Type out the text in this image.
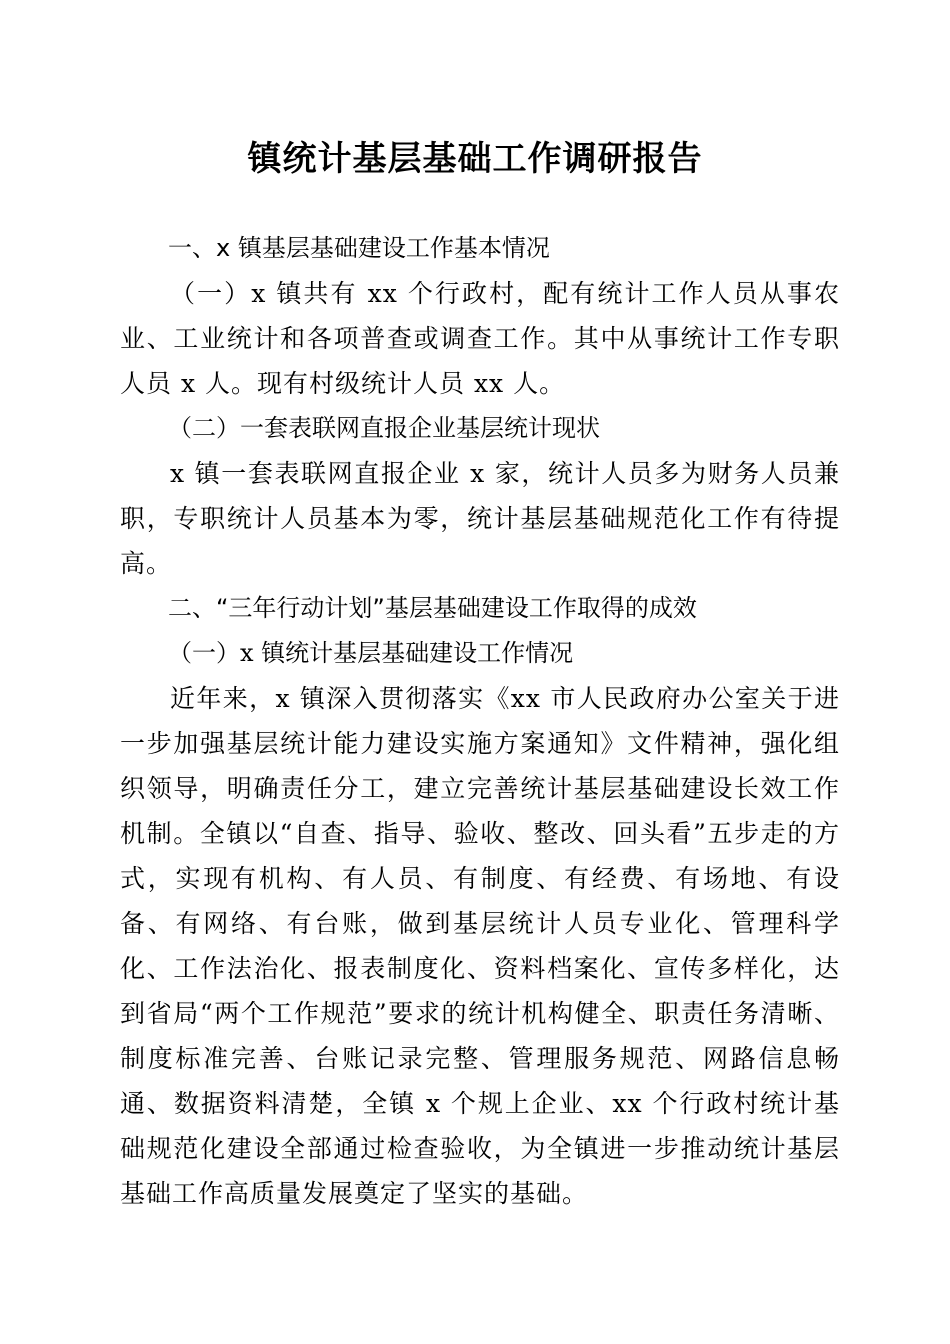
镇统计基层基础工作调研报告
一、x 镇基层基础建设工作基本情况

（一）x 镇共有 xx 个行政村，配有统计工作人员从事农业、工业统计和各项普查或调查工作。其中从事统计工作专职人员 x 人。现有村级统计人员 xx 人。

（二）一套表联网直报企业基层统计现状

x 镇一套表联网直报企业 x 家，统计人员多为财务人员兼职，专职统计人员基本为零，统计基层基础规范化工作有待提高。

二、“三年行动计划”基层基础建设工作取得的成效
（一）x 镇统计基层基础建设工作情况

近年来，x 镇深入贯彻落实《xx 市人民政府办公室关于进一步加强基层统计能力建设实施方案通知》文件精神，强化组织领导，明确责任分工，建立完善统计基层基础建设长效工作机制。全镇以“自查、指导、验收、整改、回头看”五步走的方式，实现有机构、有人员、有制度、有经费、有场地、有设备、有网络、有台账，做到基层统计人员专业化、管理科学化、工作法治化、报表制度化、资料档案化、宣传多样化，达到省局“两个工作规范”要求的统计机构健全、职责任务清晰、制度标准完善、台账记录完整、管理服务规范、网路信息畅通、数据资料清楚，全镇 x 个规上企业、xx 个行政村统计基础规范化建设全部通过检查验收，为全镇进一步推动统计基层基础工作高质量发展奠定了坚实的基础。
